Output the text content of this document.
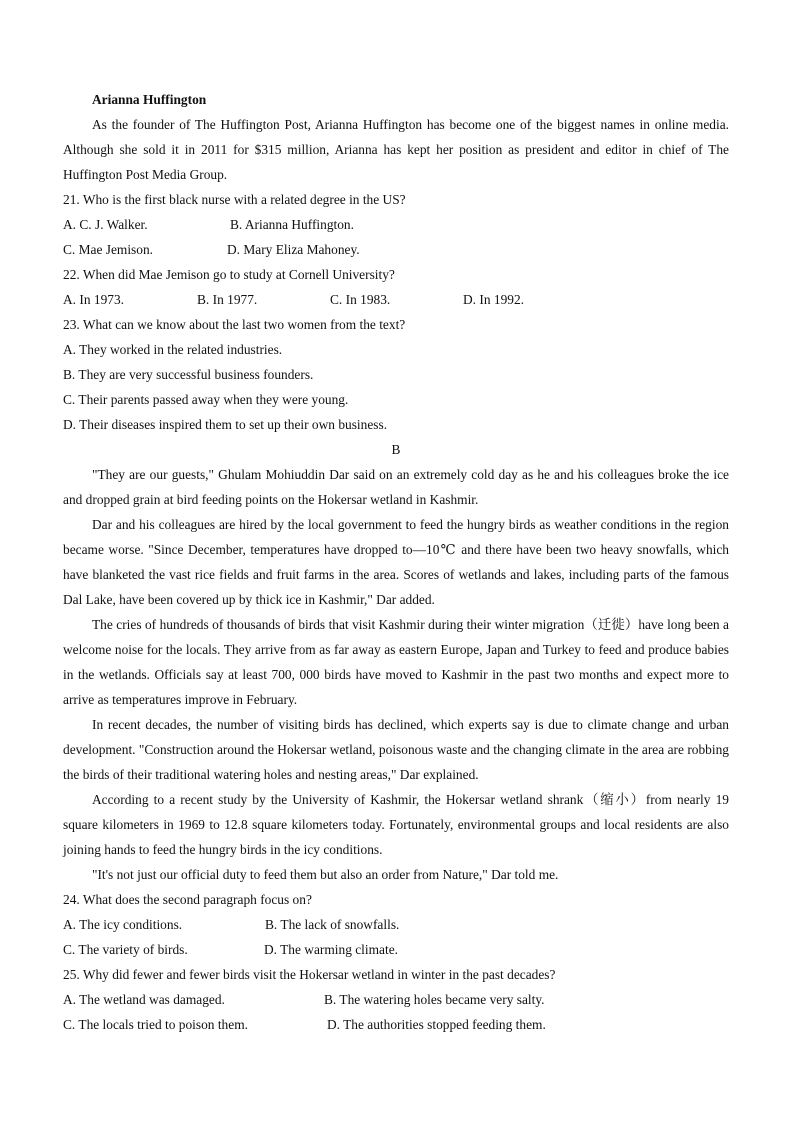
Arianna Huffington
As the founder of The Huffington Post, Arianna Huffington has become one of the biggest names in online media. Although she sold it in 2011 for $315 million, Arianna has kept her position as president and editor in chief of The Huffington Post Media Group.
21. Who is the first black nurse with a related degree in the US?
A. C. J. Walker.	B. Arianna Huffington.
C. Mae Jemison.	D. Mary Eliza Mahoney.
22. When did Mae Jemison go to study at Cornell University?
A. In 1973.	B. In 1977.	C. In 1983.	D. In 1992.
23. What can we know about the last two women from the text?
A. They worked in the related industries.
B. They are very successful business founders.
C. Their parents passed away when they were young.
D. Their diseases inspired them to set up their own business.
B
"They are our guests," Ghulam Mohiuddin Dar said on an extremely cold day as he and his colleagues broke the ice and dropped grain at bird feeding points on the Hokersar wetland in Kashmir.
Dar and his colleagues are hired by the local government to feed the hungry birds as weather conditions in the region became worse. "Since December, temperatures have dropped to—10℃ and there have been two heavy snowfalls, which have blanketed the vast rice fields and fruit farms in the area. Scores of wetlands and lakes, including parts of the famous Dal Lake, have been covered up by thick ice in Kashmir," Dar added.
The cries of hundreds of thousands of birds that visit Kashmir during their winter migration（迁徙）have long been a welcome noise for the locals. They arrive from as far away as eastern Europe, Japan and Turkey to feed and produce babies in the wetlands. Officials say at least 700, 000 birds have moved to Kashmir in the past two months and expect more to arrive as temperatures improve in February.
In recent decades, the number of visiting birds has declined, which experts say is due to climate change and urban development. "Construction around the Hokersar wetland, poisonous waste and the changing climate in the area are robbing the birds of their traditional watering holes and nesting areas," Dar explained.
According to a recent study by the University of Kashmir, the Hokersar wetland shrank（缩小）from nearly 19 square kilometers in 1969 to 12.8 square kilometers today. Fortunately, environmental groups and local residents are also joining hands to feed the hungry birds in the icy conditions.
"It's not just our official duty to feed them but also an order from Nature," Dar told me.
24. What does the second paragraph focus on?
A. The icy conditions.	B. The lack of snowfalls.
C. The variety of birds.	D. The warming climate.
25. Why did fewer and fewer birds visit the Hokersar wetland in winter in the past decades?
A. The wetland was damaged.	B. The watering holes became very salty.
C. The locals tried to poison them.	D. The authorities stopped feeding them.
